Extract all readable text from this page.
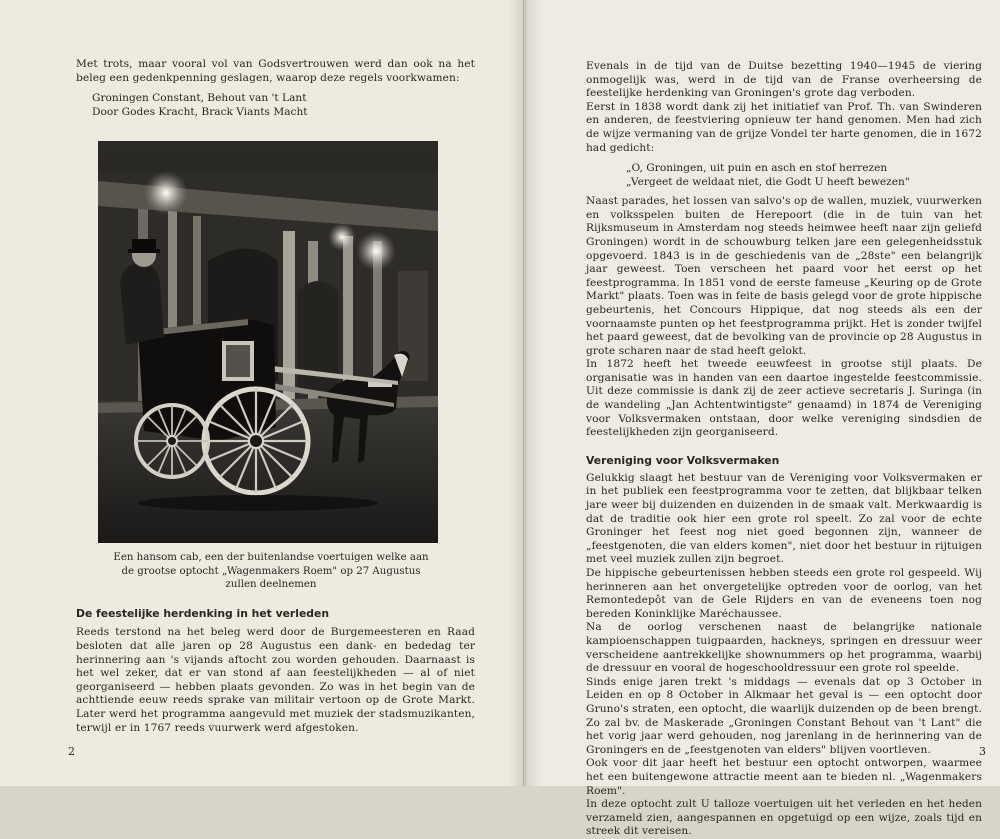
Met trots, maar vooral vol van Godsvertrouwen werd dan ook na het beleg een gedenkpenning geslagen, waarop deze regels voorkwamen:

Groningen Constant, Behout van 't Lant

Door Godes Kracht, Brack Viants Macht

Een hansom cab, een der buitenlandse voertuigen welke aan

de grootse optocht „Wagenmakers Roem" op 27 Augustus

zullen deelnemen

De feestelijke herdenking in het verleden

Reeds terstond na het beleg werd door de Burgemeesteren en Raad besloten dat alle jaren op 28 Augustus een dank- en bededag ter herinnering aan 's vijands aftocht zou worden gehouden. Daarnaast is het wel zeker, dat er van stond af aan feestelijkheden — al of niet georganiseerd — hebben plaats gevonden. Zo was in het begin van de achttiende eeuw reeds sprake van militair vertoon op de Grote Markt. Later werd het programma aangevuld met muziek der stadsmuzikanten, terwijl er in 1767 reeds vuurwerk werd afgestoken.

2

Evenals in de tijd van de Duitse bezetting 1940—1945 de viering onmogelijk was, werd in de tijd van de Franse overheersing de feestelijke herdenking van Groningen's grote dag verboden.

Eerst in 1838 wordt dank zij het initiatief van Prof. Th. van Swinderen en anderen, de feestviering opnieuw ter hand genomen. Men had zich de wijze vermaning van de grijze Vondel ter harte genomen, die in 1672 had gedicht:

„O, Groningen, uit puin en asch en stof herrezen

„Vergeet de weldaat niet, die Godt U heeft bewezen"

Naast parades, het lossen van salvo's op de wallen, muziek, vuurwerken en volksspelen buiten de Herepoort (die in de tuin van het Rijksmuseum in Amsterdam nog steeds heimwee heeft naar zijn geliefd Groningen) wordt in de schouwburg telken jare een gelegenheidsstuk opgevoerd. 1843 is in de geschiedenis van de „28ste" een belangrijk jaar geweest. Toen verscheen het paard voor het eerst op het feestprogramma. In 1851 vond de eerste fameuse „Keuring op de Grote Markt" plaats. Toen was in feite de basis gelegd voor de grote hippische gebeurtenis, het Concours Hippique, dat nog steeds als een der voornaamste punten op het feestprogramma prijkt. Het is zonder twijfel het paard geweest, dat de bevolking van de provincie op 28 Augustus in grote scharen naar de stad heeft gelokt.

In 1872 heeft het tweede eeuwfeest in grootse stijl plaats. De organisatie was in handen van een daartoe ingestelde feestcommissie. Uit deze commissie is dank zij de zeer actieve secretaris J. Suringa (in de wandeling „Jan Achtentwintigste" genaamd) in 1874 de Vereniging voor Volksvermaken ontstaan, door welke vereniging sindsdien de feestelijkheden zijn georganiseerd.

Vereniging voor Volksvermaken

Gelukkig slaagt het bestuur van de Vereniging voor Volksvermaken er in het publiek een feestprogramma voor te zetten, dat blijkbaar telken jare weer bij duizenden en duizenden in de smaak valt. Merkwaardig is dat de traditie ook hier een grote rol speelt. Zo zal voor de echte Groninger het feest nog niet goed begonnen zijn, wanneer de „feestgenoten, die van elders komen", niet door het bestuur in rijtuigen met veel muziek zullen zijn begroet.

De hippische gebeurtenissen hebben steeds een grote rol gespeeld. Wij herinneren aan het onvergetelijke optreden voor de oorlog, van het Remontedepôt van de Gele Rijders en van de eveneens toen nog bereden Koninklijke Maréchaussee.

Na de oorlog verschenen naast de belangrijke nationale kampioenschappen tuigpaarden, hackneys, springen en dressuur weer verscheidene aantrekkelijke shownummers op het programma, waarbij de dressuur en vooral de hogeschooldressuur een grote rol speelde.

Sinds enige jaren trekt 's middags — evenals dat op 3 October in Leiden en op 8 October in Alkmaar het geval is — een optocht door Gruno's straten, een optocht, die waarlijk duizenden op de been brengt. Zo zal bv. de Maskerade „Groningen Constant Behout van 't Lant" die het vorig jaar werd gehouden, nog jarenlang in de herinnering van de Groningers en de „feestgenoten van elders" blijven voortleven.

Ook voor dit jaar heeft het bestuur een optocht ontworpen, waarmee het een buitengewone attractie meent aan te bieden nl. „Wagenmakers Roem".

In deze optocht zult U talloze voertuigen uit het verleden en het heden verzameld zien, aangespannen en opgetuigd op een wijze, zoals tijd en streek dit vereisen.

3
